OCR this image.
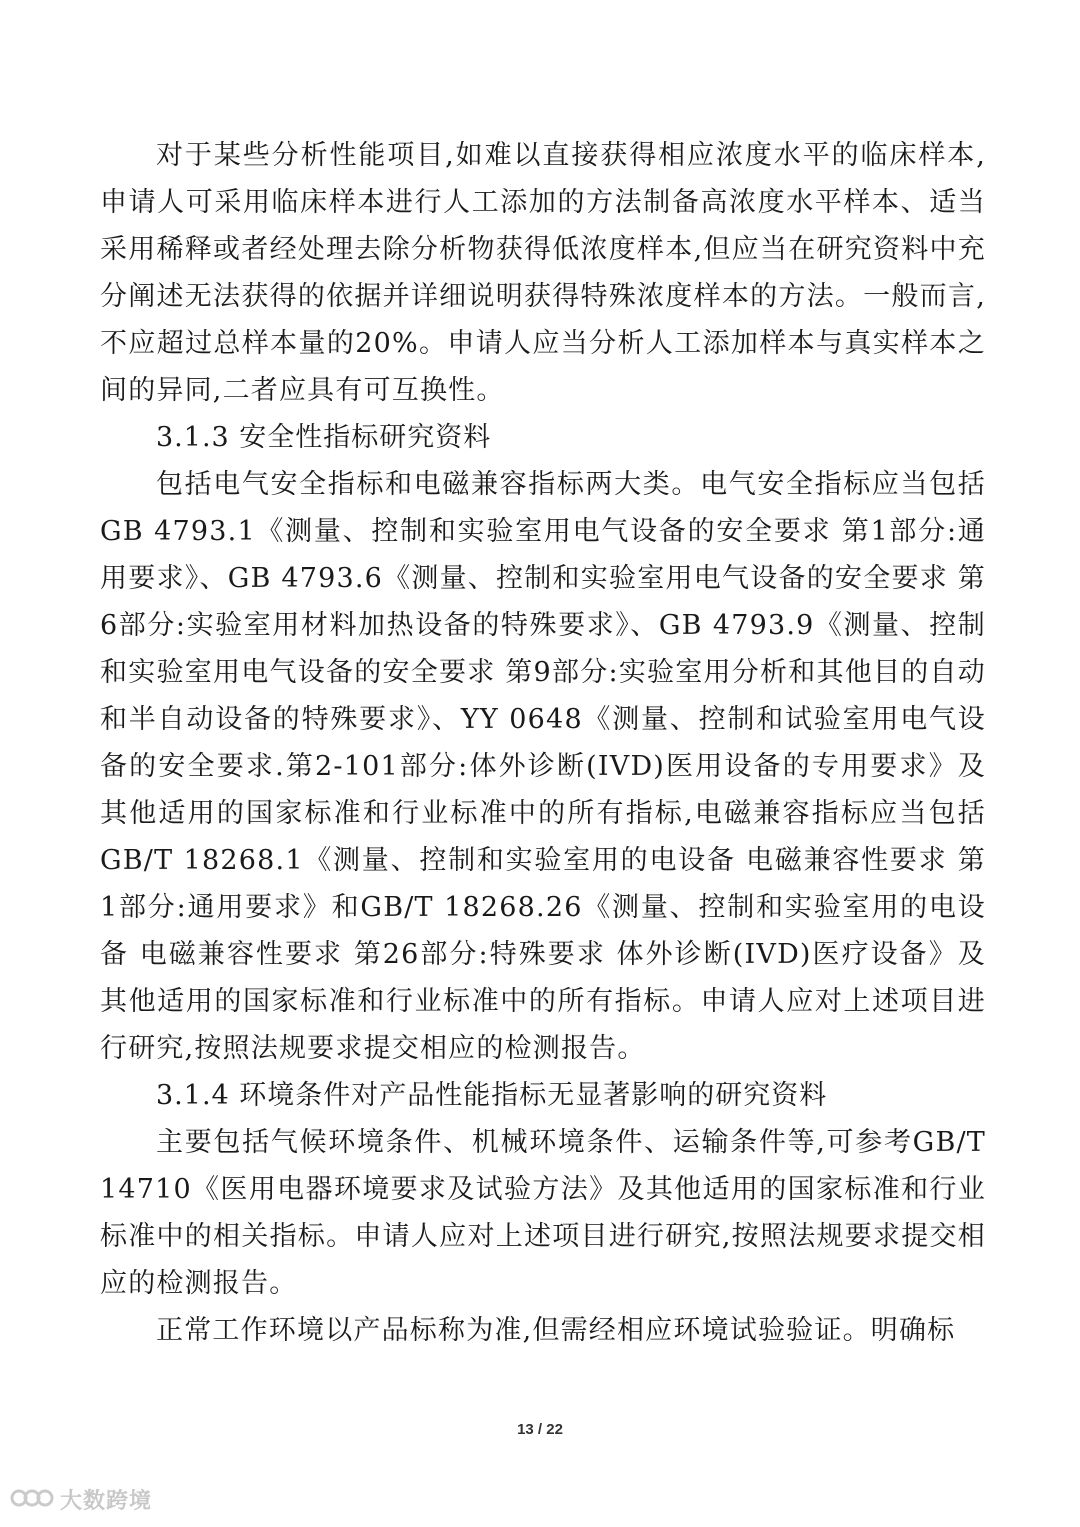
对于某些分析性能项目,如难以直接获得相应浓度水平的临床样本,申请人可采用临床样本进行人工添加的方法制备高浓度水平样本、适当采用稀释或者经处理去除分析物获得低浓度样本,但应当在研究资料中充分阐述无法获得的依据并详细说明获得特殊浓度样本的方法。一般而言,不应超过总样本量的20%。申请人应当分析人工添加样本与真实样本之间的异同,二者应具有可互换性。

3.1.3 安全性指标研究资料

包括电气安全指标和电磁兼容指标两大类。电气安全指标应当包括GB 4793.1《测量、控制和实验室用电气设备的安全要求 第1部分:通用要求》、GB 4793.6《测量、控制和实验室用电气设备的安全要求 第6部分:实验室用材料加热设备的特殊要求》、GB 4793.9《测量、控制和实验室用电气设备的安全要求 第9部分:实验室用分析和其他目的自动和半自动设备的特殊要求》、YY 0648《测量、控制和试验室用电气设备的安全要求.第2-101部分:体外诊断(IVD)医用设备的专用要求》及其他适用的国家标准和行业标准中的所有指标,电磁兼容指标应当包括GB/T 18268.1《测量、控制和实验室用的电设备 电磁兼容性要求 第1部分:通用要求》和GB/T 18268.26《测量、控制和实验室用的电设备 电磁兼容性要求 第26部分:特殊要求 体外诊断(IVD)医疗设备》及其他适用的国家标准和行业标准中的所有指标。申请人应对上述项目进行研究,按照法规要求提交相应的检测报告。

3.1.4 环境条件对产品性能指标无显著影响的研究资料

主要包括气候环境条件、机械环境条件、运输条件等,可参考GB/T 14710《医用电器环境要求及试验方法》及其他适用的国家标准和行业标准中的相关指标。申请人应对上述项目进行研究,按照法规要求提交相应的检测报告。

正常工作环境以产品标称为准,但需经相应环境试验验证。明确标

13 / 22
大数跨境
